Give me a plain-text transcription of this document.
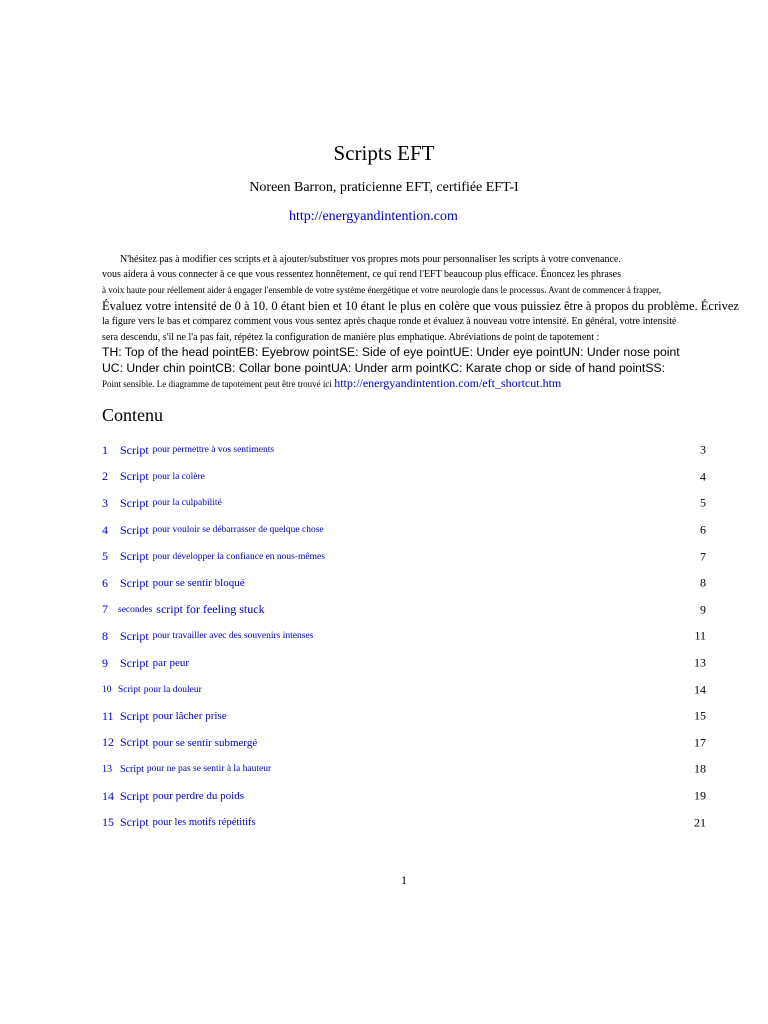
Scripts EFT
Noreen Barron, praticienne EFT, certifiée EFT-I
http://energyandintention.com
N'hésitez pas à modifier ces scripts et à ajouter/substituer vos propres mots pour personnaliser les scripts à votre convenance.
vous aidera à vous connecter à ce que vous ressentez honnêtement, ce qui rend l'EFT beaucoup plus efficace. Énoncez les phrases
à voix haute pour réellement aider à engager l'ensemble de votre système énergétique et votre neurologie dans le processus. Avant de commencer à frapper,
Évaluez votre intensité de 0 à 10. 0 étant bien et 10 étant le plus en colère que vous puissiez être à propos du problème. Écrivez
la figure vers le bas et comparez comment vous vous sentez après chaque ronde et évaluez à nouveau votre intensité. En général, votre intensité
sera descendu, s'il ne l'a pas fait, répétez la configuration de manière plus emphatique. Abréviations de point de tapotement :
TH: Top of the head pointEB: Eyebrow pointSE: Side of eye pointUE: Under eye pointUN: Under nose point
UC: Under chin pointCB: Collar bone pointUA: Under arm pointKC: Karate chop or side of hand pointSS:
Point sensible. Le diagramme de tapotement peut être trouvé ici http://energyandintention.com/eft_shortcut.htm
Contenu
1	Script pour permettre à vos sentiments	3
2	Script pour la colère	4
3	Script pour la culpabilité	5
4	Script pour vouloir se débarrasser de quelque chose	6
5	Script pour développer la confiance en nous-mêmes	7
6	Script pour se sentir bloqué	8
7	secondes script for feeling stuck	9
8	Script pour travailler avec des souvenirs intenses	11
9	Script par peur	13
10 Script pour la douleur	14
11 Script pour lâcher prise	15
12 Script pour se sentir submergé	17
13 Script pour ne pas se sentir à la hauteur	18
14 Script pour perdre du poids	19
15 Script pour les motifs répétitifs	21
1
